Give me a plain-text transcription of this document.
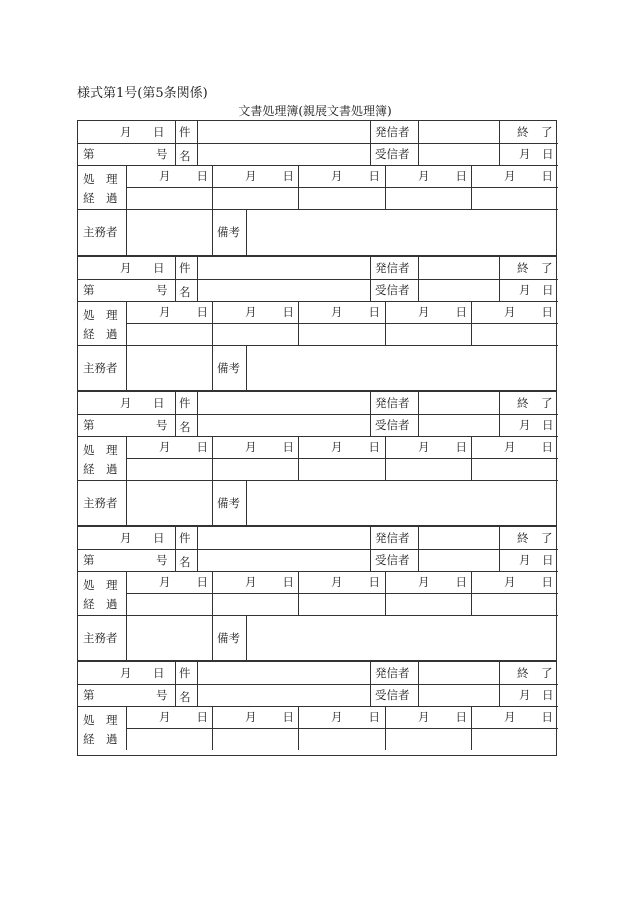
様式第1号(第5条関係)
文書処理簿(親展文書処理簿)
月 日 件	発信者	終 了
第	号 名	受信者	月 日
処 理
経 過
月 日	月 日	月 日	月 日	月 日
主務者	備考
月 日 件	発信者	終 了
第	号 名	受信者	月 日
処 理
経 過
月 日	月 日	月 日	月 日	月 日
主務者	備考
月 日 件	発信者	終 了
第	号 名	受信者	月 日
処 理
経 過
月 日	月 日	月 日	月 日	月 日
主務者	備考
月 日 件	発信者	終 了
第	号 名	受信者	月 日
処 理
経 過
月 日	月 日	月 日	月 日	月 日
主務者	備考
月 日 件	発信者	終 了
第	号 名	受信者	月 日
処 理
経 過
月 日	月 日	月 日	月 日	月 日
